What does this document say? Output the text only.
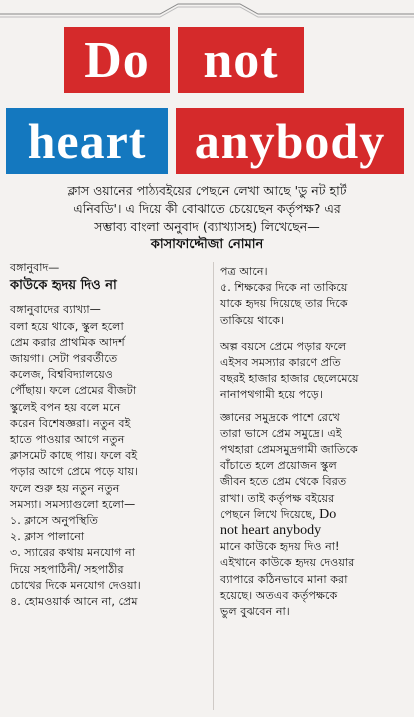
Do	not
heart anybody
ক্লাস ওয়ানের পাঠ্যবইয়ের পেছনে লেখা আছে 'ডু নট হার্ট
এনিবডি'। এ দিয়ে কী বোঝাতে চেয়েছেন কর্তৃপক্ষ? এর
সম্ভাব্য বাংলা অনুবাদ (ব্যাখ্যাসহ) লিখেছেন—
কাসাফাদ্দৌজা নোমান

বঙ্গানুবাদ—

কাউকে হৃদয় দিও না

বঙ্গানুবাদের ব্যাখ্যা—

বলা হয়ে থাকে, স্কুল হলো
প্রেম করার প্রাথমিক আদর্শ
জায়গা। সেটা পরবর্তীতে
কলেজ, বিশ্ববিদ্যালয়েও
পৌঁছায়। ফলে প্রেমের বীজটা
স্কুলেই বপন হয় বলে মনে
করেন বিশেষজ্ঞরা। নতুন বই
হাতে পাওয়ার আগে নতুন
ক্লাসমেট কাছে পায়। ফলে বই
পড়ার আগে প্রেমে পড়ে যায়।
ফলে শুরু হয় নতুন নতুন
সমস্যা। সমস্যাগুলো হলো—
১. ক্লাসে অনুপস্থিতি
২. ক্লাস পালানো
৩. স্যারের কথায় মনযোগ না
দিয়ে সহপাঠিনী/ সহপাঠীর
চোখের দিকে মনযোগ দেওয়া।
৪. হোমওয়ার্ক আনে না, প্রেম

পত্র আনে।

৫. শিক্ষকের দিকে না তাকিয়ে
যাকে হৃদয় দিয়েছে তার দিকে
তাকিয়ে থাকে।
অল্প বয়সে প্রেমে পড়ার ফলে
এইসব সমস্যার কারণে প্রতি
বছরই হাজার হাজার ছেলেমেয়ে
নানাপথগামী হয়ে পড়ে।
জ্ঞানের সমুদ্রকে পাশে রেখে
তারা ভাসে প্রেম সমুদ্রে। এই
পথহারা প্রেমসমুদ্রগামী জাতিকে
বাঁচাতে হলে প্রয়োজন স্কুল
জীবন হতে প্রেম থেকে বিরত
রাখা। তাই কর্তৃপক্ষ বইয়ের
পেছনে লিখে দিয়েছে, Do
not heart anybody
মানে কাউকে হৃদয় দিও না!
এইখানে কাউকে হৃদয় দেওয়ার
ব্যাপারে কঠিনভাবে মানা করা
হয়েছে। অতএব কর্তৃপক্ষকে
ভুল বুঝবেন না।
